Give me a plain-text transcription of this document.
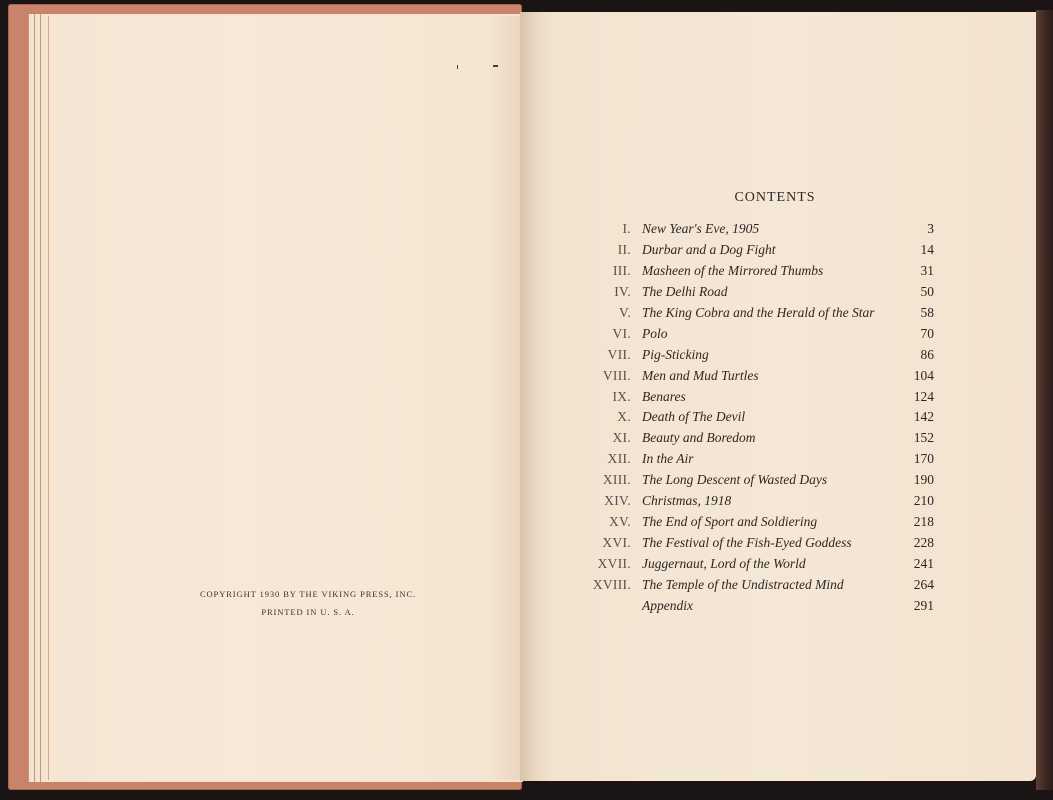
COPYRIGHT 1930 BY THE VIKING PRESS, INC.
PRINTED IN U. S. A.
CONTENTS
I. New Year's Eve, 1905	3
II. Durbar and a Dog Fight	14
III. Masheen of the Mirrored Thumbs	31
IV. The Delhi Road	50
V. The King Cobra and the Herald of the Star	58
VI. Polo	70
VII. Pig-Sticking	86
VIII. Men and Mud Turtles	104
IX. Benares	124
X. Death of The Devil	142
XI. Beauty and Boredom	152
XII. In the Air	170
XIII. The Long Descent of Wasted Days	190
XIV. Christmas, 1918	210
XV. The End of Sport and Soldiering	218
XVI. The Festival of the Fish-Eyed Goddess	228
XVII. Juggernaut, Lord of the World	241
XVIII. The Temple of the Undistracted Mind	264
Appendix	291
